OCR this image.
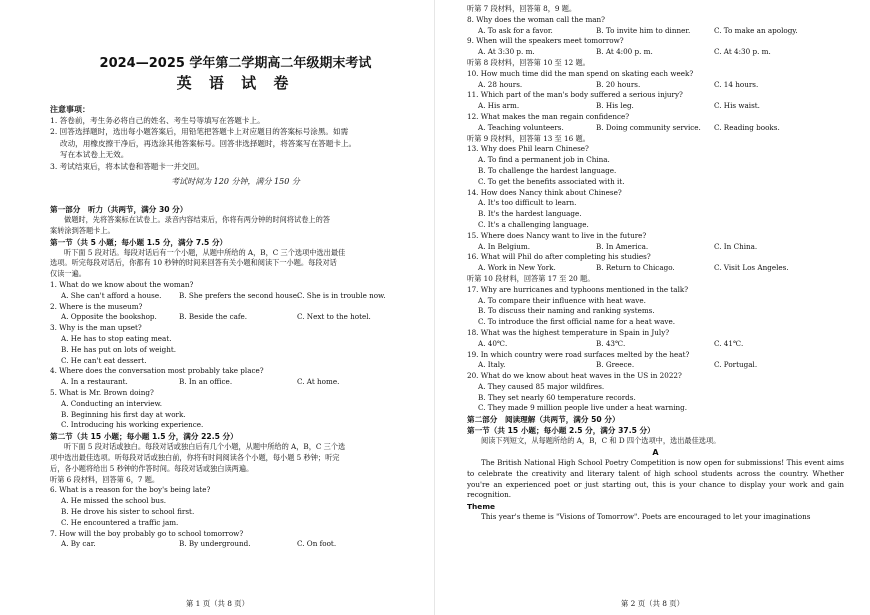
2024—2025 学年第二学期高二年级期末考试

英 语 试 卷

注意事项：
1. 答卷前，考生务必将自己的姓名、考生号等填写在答题卡上。
2. 回答选择题时，选出每小题答案后，用铅笔把答题卡上对应题目的答案标号涂黑。如需
改动，用橡皮擦干净后，再选涂其他答案标号。回答非选择题时，将答案写在答题卡上。
写在本试卷上无效。
3. 考试结束后，将本试卷和答题卡一并交回。
考试时间为 120 分钟，满分 150 分
第一部分　听力（共两节，满分 30 分）
做题时，先将答案标在试卷上。录音内容结束后，你将有两分钟的时间将试卷上的答
案转涂到答题卡上。
第一节（共 5 小题；每小题 1.5 分，满分 7.5 分）
听下面 5 段对话。每段对话后有一个小题，从题中所给的 A，B，C 三个选项中选出最佳
选项。听完每段对话后，你都有 10 秒钟的时间来回答有关小题和阅读下一小题。每段对话
仅读一遍。
1. What do we know about the woman?
A. She can't afford a house.	B. She prefers the second house.
C. She is in trouble now.
2. Where is the museum?
A. Opposite the bookshop.	B. Beside the cafe.	C. Next to the hotel.
3. Why is the man upset?
A. He has to stop eating meat.
B. He has put on lots of weight.
C. He can't eat dessert.
4. Where does the conversation most probably take place?
A. In a restaurant.	B. In an office.	C. At home.
5. What is Mr. Brown doing?
A. Conducting an interview.
B. Beginning his first day at work.
C. Introducing his working experience.
第二节（共 15 小题；每小题 1.5 分，满分 22.5 分）
听下面 5 段对话或独白。每段对话或独白后有几个小题，从题中所给的 A，B，C 三个选
项中选出最佳选项。听每段对话或独白前，你将有时间阅读各个小题，每小题 5 秒钟；听完
后，各小题将给出 5 秒钟的作答时间。每段对话或独白读两遍。
听第 6 段材料，回答第 6，7 题。
6. What is a reason for the boy's being late?
A. He missed the school bus.
B. He drove his sister to school first.
C. He encountered a traffic jam.
7. How will the boy probably go to school tomorrow?
A. By car.	B. By underground.	C. On foot.
第 1 页（共 8 页）
听第 7 段材料，回答第 8，9 题。
8. Why does the woman call the man?
A. To ask for a favor.	B. To invite him to dinner.	C. To make an apology.
9. When will the speakers meet tomorrow?
A. At 3:30 p. m.	B. At 4:00 p. m.	C. At 4:30 p. m.
听第 8 段材料，回答第 10 至 12 题。
10. How much time did the man spend on skating each week?
A. 28 hours.	B. 20 hours.	C. 14 hours.
11. Which part of the man's body suffered a serious injury?
A. His arm.	B. His leg.	C. His waist.
12. What makes the man regain confidence?
A. Teaching volunteers.	B. Doing community service.	C. Reading books.
听第 9 段材料，回答第 13 至 16 题。
13. Why does Phil learn Chinese?
A. To find a permanent job in China.
B. To challenge the hardest language.
C. To get the benefits associated with it.
14. How does Nancy think about Chinese?
A. It's too difficult to learn.
B. It's the hardest language.
C. It's a challenging language.
15. Where does Nancy want to live in the future?
A. In Belgium.	B. In America.	C. In China.
16. What will Phil do after completing his studies?
A. Work in New York.	B. Return to Chicago.	C. Visit Los Angeles.
听第 10 段材料，回答第 17 至 20 题。
17. Why are hurricanes and typhoons mentioned in the talk?
A. To compare their influence with heat wave.
B. To discuss their naming and ranking systems.
C. To introduce the first official name for a heat wave.
18. What was the highest temperature in Spain in July?
A. 40℃.	B. 43℃.	C. 41℃.
19. In which country were road surfaces melted by the heat?
A. Italy.	B. Greece.	C. Portugal.
20. What do we know about heat waves in the US in 2022?
A. They caused 85 major wildfires.
B. They set nearly 60 temperature records.
C. They made 9 million people live under a heat warning.
第二部分　阅读理解（共两节，满分 50 分）
第一节（共 15 小题；每小题 2.5 分，满分 37.5 分）
阅读下列短文，从每题所给的 A，B，C 和 D 四个选项中，选出最佳选项。
A
The British National High School Poetry Competition is now open for submissions! This event aims to celebrate the creativity and literary talent of high school students across the country. Whether you're an experienced poet or just starting out, this is your chance to display your work and gain recognition.
Theme
This year's theme is "Visions of Tomorrow". Poets are encouraged to let your imaginations
第 2 页（共 8 页）
